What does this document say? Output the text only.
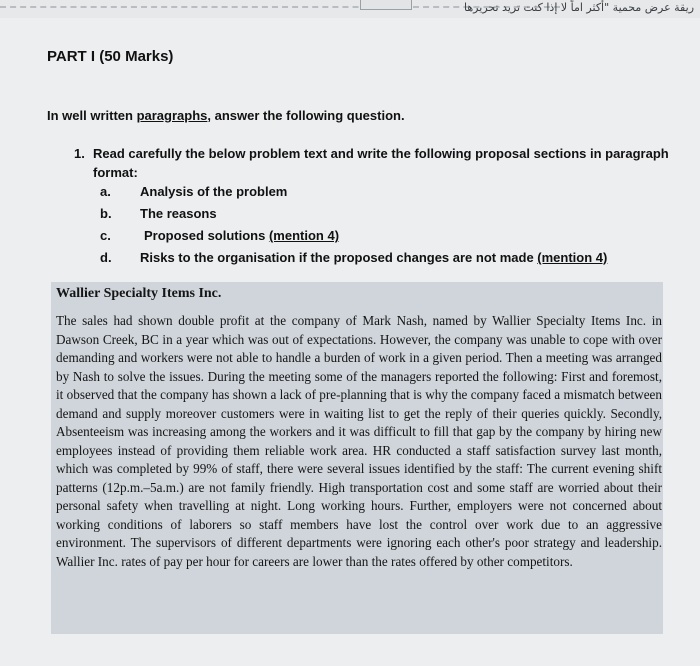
ريقة عرض محمية "أكثر اماً لا إذا كنت تريد تحريرها
PART I (50 Marks)
In well written paragraphs, answer the following question.
1. Read carefully the below problem text and write the following proposal sections in paragraph format:
a. Analysis of the problem
b. The reasons
c.	Proposed solutions (mention 4)
d. Risks to the organisation if the proposed changes are not made (mention 4)
Wallier Specialty Items Inc.
The sales had shown double profit at the company of Mark Nash, named by Wallier Specialty Items Inc. in Dawson Creek, BC in a year which was out of expectations. However, the company was unable to cope with over demanding and workers were not able to handle a burden of work in a given period. Then a meeting was arranged by Nash to solve the issues. During the meeting some of the managers reported the following: First and foremost, it observed that the company has shown a lack of pre-planning that is why the company faced a mismatch between demand and supply moreover customers were in waiting list to get the reply of their queries quickly. Secondly, Absenteeism was increasing among the workers and it was difficult to fill that gap by the company by hiring new employees instead of providing them reliable work area. HR conducted a staff satisfaction survey last month, which was completed by 99% of staff, there were several issues identified by the staff: The current evening shift patterns (12p.m.–5a.m.) are not family friendly. High transportation cost and some staff are worried about their personal safety when travelling at night. Long working hours. Further, employers were not concerned about working conditions of laborers so staff members have lost the control over work due to an aggressive environment. The supervisors of different departments were ignoring each other's poor strategy and leadership. Wallier Inc. rates of pay per hour for careers are lower than the rates offered by other competitors.
